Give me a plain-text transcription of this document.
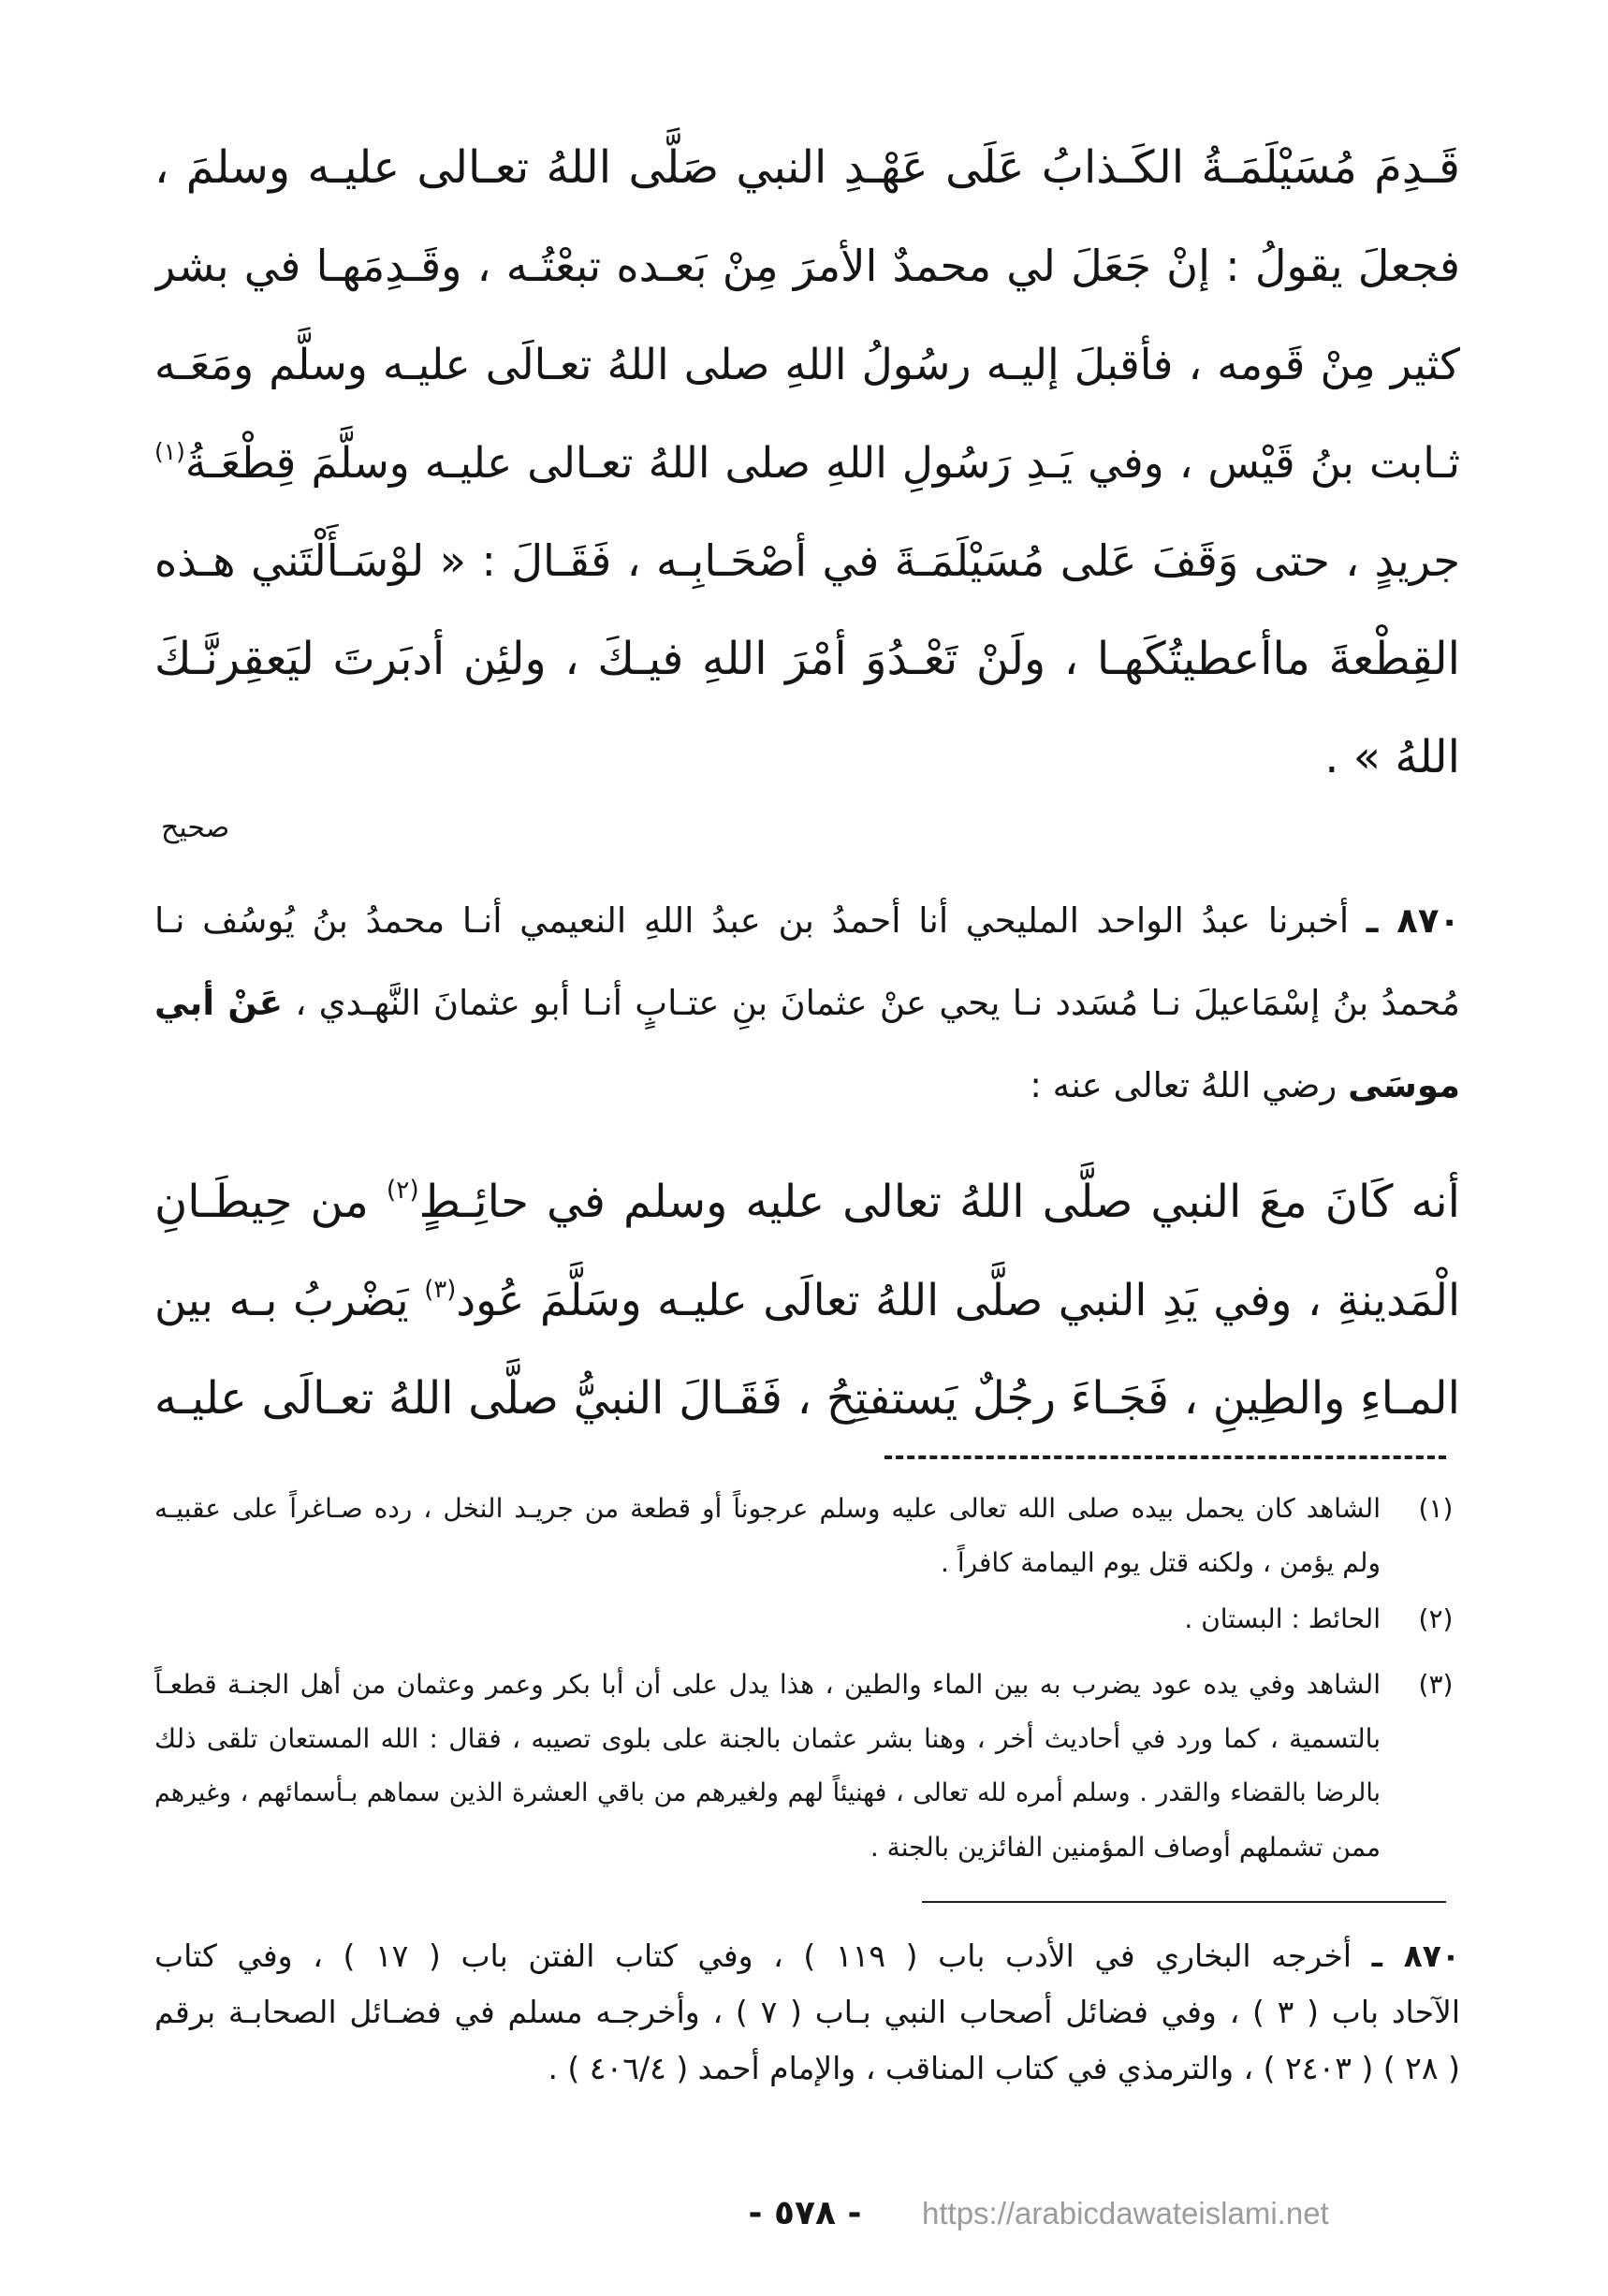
قَـدِمَ مُسَيْلَمَـةُ الكَـذابُ عَلَى عَهْـدِ النبي صَلَّى اللهُ تعـالى عليـه وسلمَ ،
فجعلَ يقولُ : إنْ جَعَلَ لي محمدٌ الأمرَ مِنْ بَعـده تبعْتُـه ، وقَـدِمَهـا في بشر
كثير مِنْ قَومه ، فأقبلَ إليـه رسُولُ اللهِ صلى اللهُ تعـالَى عليـه وسلَّم ومَعَـه
ثـابت بنُ قَيْس ، وفي يَـدِ رَسُولِ اللهِ صلى اللهُ تعـالى عليـه وسلَّمَ قِطْعَـةُ$^{(١)}$
جريدٍ ، حتى وَقَفَ عَلى مُسَيْلَمَـةَ في أصْحَـابِـه ، فَقَـالَ : « لوْسَـأَلْتَني هـذه
القِطْعةَ ماأعطيتُكَهـا ، ولَنْ تَعْـدُوَ أمْرَ اللهِ فيـكَ ، ولئِن أدبَرتَ ليَعقِرنَّـكَ
اللهُ » .
صحيح
٨٧٠ ـ أخبرنا عبدُ الواحد المليحي أنا أحمدُ بن عبدُ اللهِ النعيمي أنـا محمدُ بنُ يُوسُف نـا
مُحمدُ بنُ إسْمَاعيلَ نـا مُسَدد نـا يحي عنْ عثمانَ بنِ عتـابٍ أنـا أبو عثمانَ النَّهـدي ، عَنْ أبي
موسَى رضي اللهُ تعالى عنه :
أنه كَانَ معَ النبي صلَّى اللهُ تعالى عليه وسلم في حائِـطٍ$^{(٢)}$ من حِيطَـانِ
الْمَدينةِ ، وفي يَدِ النبي صلَّى اللهُ تعالَى عليـه وسَلَّمَ عُود$^{(٣)}$ يَضْربُ بـه بين
المـاءِ والطِينِ ، فَجَـاءَ رجُلٌ يَستفتِحُ ، فَقَـالَ النبيُّ صلَّى اللهُ تعـالَى عليـه
(١)
الشاهد كان يحمل بيده صلى الله تعالى عليه وسلم عرجوناً أو قطعة من جريـد النخل ، رده صـاغراً على عقبيـه
ولم يؤمن ، ولكنه قتل يوم اليمامة كافراً .
(٢)
الحائط : البستان .
(٣)
الشاهد وفي يده عود يضرب به بين الماء والطين ، هذا يدل على أن أبا بكر وعمر وعثمان من أهل الجنـة قطعـاً
بالتسمية ، كما ورد في أحاديث أخر ، وهنا بشر عثمان بالجنة على بلوى تصيبه ، فقال : الله المستعان تلقى ذلك
بالرضا بالقضاء والقدر . وسلم أمره لله تعالى ، فهنيئاً لهم ولغيرهم من باقي العشرة الذين سماهم بـأسمائهم ، وغيرهم
ممن تشملهم أوصاف المؤمنين الفائزين بالجنة .
٨٧٠ ـ أخرجه البخاري في الأدب باب ( ١١٩ ) ، وفي كتاب الفتن باب ( ١٧ ) ، وفي كتاب
الآحاد باب ( ٣ ) ، وفي فضائل أصحاب النبي بـاب ( ٧ ) ، وأخرجـه مسلم في فضـائل الصحابـة برقم
( ٢٨ ) ( ٢٤٠٣ ) ، والترمذي في كتاب المناقب ، والإمام أحمد ( ٤٠٦/٤ ) .
- ٥٧٨ - https://arabicdawateislami.net
